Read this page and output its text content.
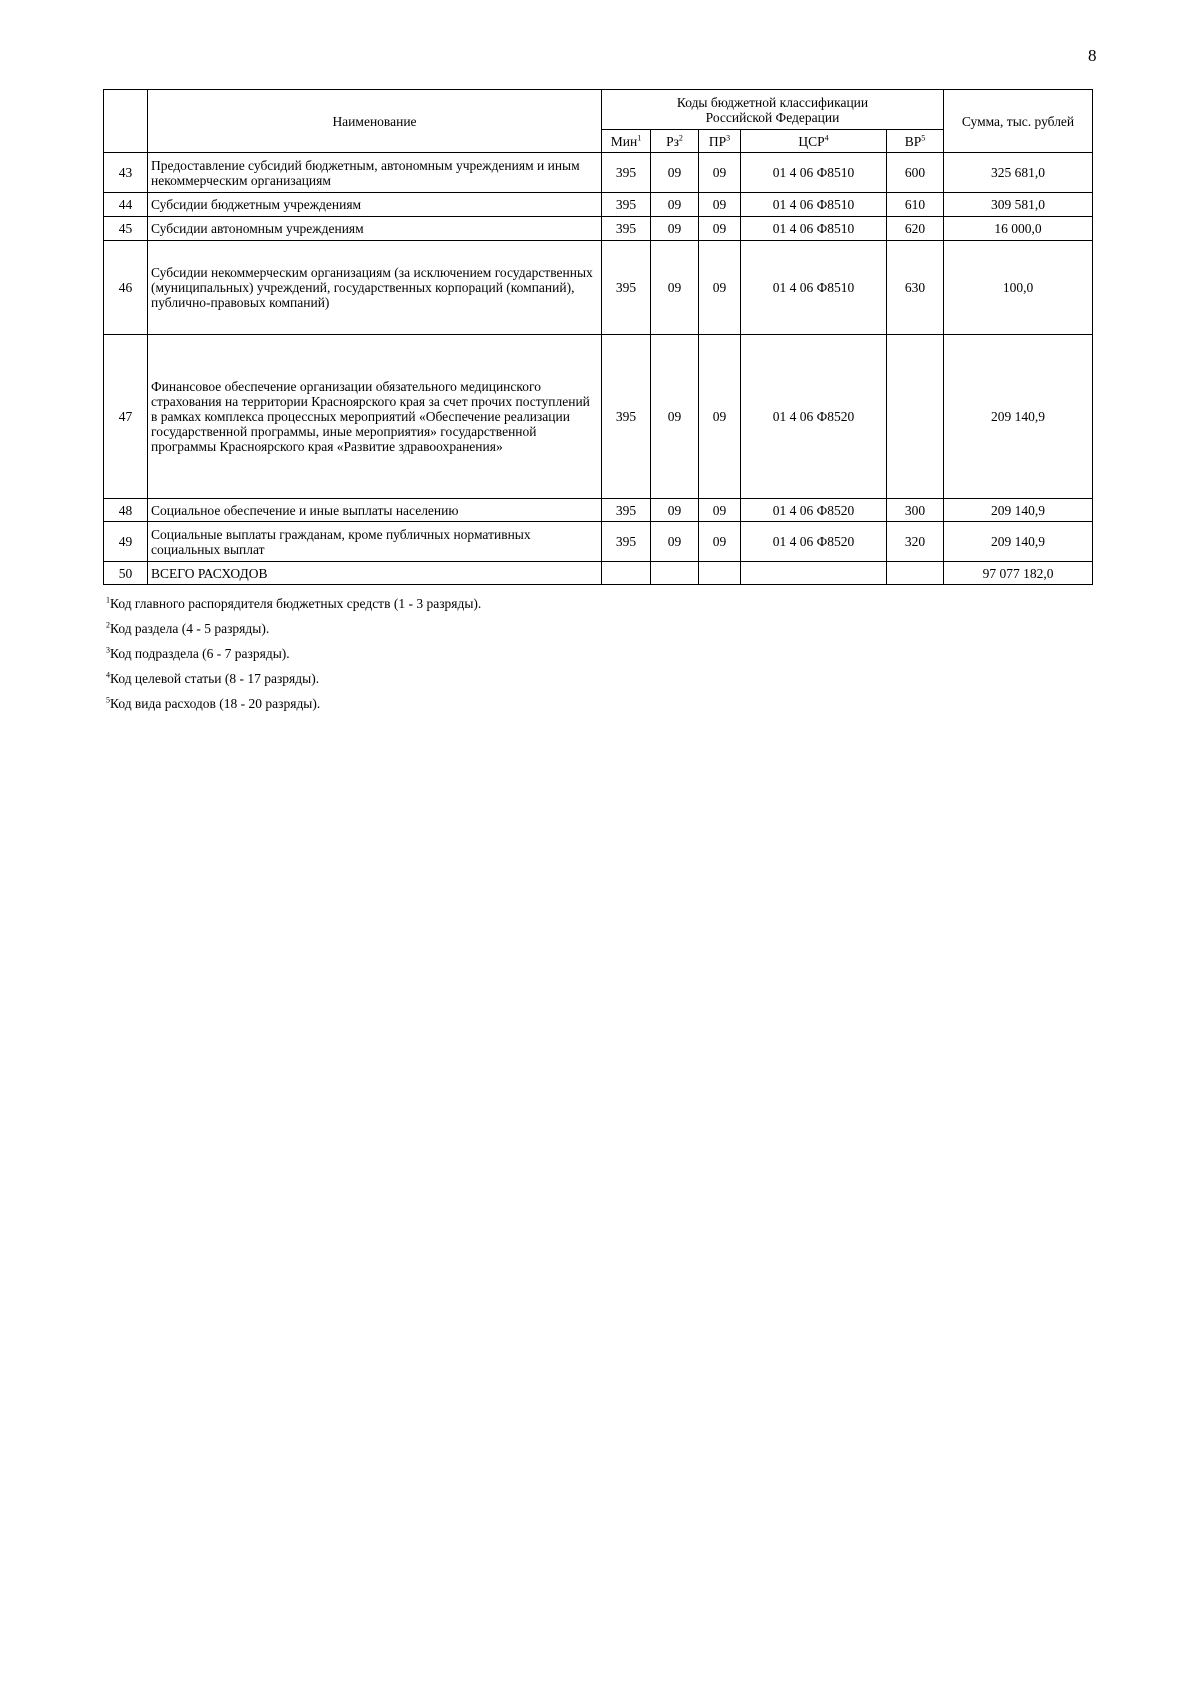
8
	Наименование	Коды бюджетной классификации
Российской Федерации					Сумма, тыс. рублей
		Мин$^1$	$Рз^2$	$ПР^3$	ЦСР$^4$	$ВР^5$
43	Предоставление субсидий бюджетным, автономным учреждениям и иным некоммерческим организациям	395	09	09	01 4 06 Ф8510	600	325 681,0
44	Субсидии бюджетным учреждениям	395	09	09	01 4 06 Ф8510	610	309 581,0
45	Субсидии автономным учреждениям	395	09	09	01 4 06 Ф8510	620	16 000,0
46	Субсидии некоммерческим организациям (за исключением государственных (муниципальных) учреждений, государственных корпораций (компаний), публично-правовых компаний)	395	09	09	01 4 06 Ф8510	630	100,0
47	Финансовое обеспечение организации обязательного медицинского страхования на территории Красноярского края за счет прочих поступлений в рамках комплекса процессных мероприятий «Обеспечение реализации государственной программы, иные мероприятия» государственной программы Красноярского края «Развитие здравоохранения»	395	09	09	01 4 06 Ф8520		209 140,9
48	Социальное обеспечение и иные выплаты населению	395	09	09	01 4 06 Ф8520	300	209 140,9
49	Социальные выплаты гражданам, кроме публичных нормативных социальных выплат	395	09	09	01 4 06 Ф8520	320	209 140,9
50	ВСЕГО РАСХОДОВ						97 077 182,0
$^1$Код главного распорядителя бюджетных средств (1 - 3 разряды).
$^2$Код раздела (4 - 5 разряды).
$^3$Код подраздела (6 - 7 разряды).
$^4$Код целевой статьи (8 - 17 разряды).
$^5$Код вида расходов (18 - 20 разряды).
